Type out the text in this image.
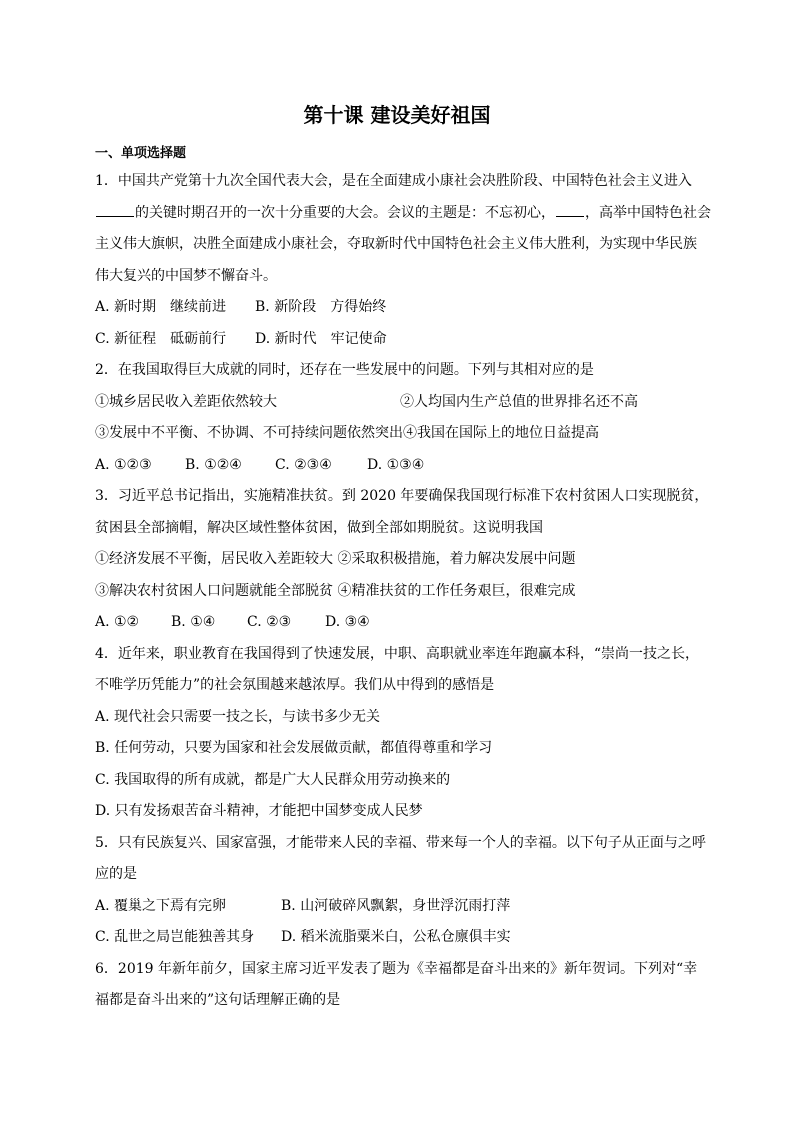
第十课 建设美好祖国
一、单项选择题
1．中国共产党第十九次全国代表大会，是在全面建成小康社会决胜阶段、中国特色社会主义进入
的关键时期召开的一次十分重要的大会。会议的主题是：不忘初心， ，高举中国特色社会
主义伟大旗帜，决胜全面建成小康社会，夺取新时代中国特色社会主义伟大胜利，为实现中华民族
伟大复兴的中国梦不懈奋斗。
A. 新时期　继续前进 B. 新阶段　方得始终
C. 新征程　砥砺前行 D. 新时代　牢记使命
2．在我国取得巨大成就的同时，还存在一些发展中的问题。下列与其相对应的是
①城乡居民收入差距依然较大	②人均国内生产总值的世界排名还不高
③发展中不平衡、不协调、不可持续问题依然突出④我国在国际上的地位日益提高
A. ①②③ B. ①②④ C. ②③④	D. ①③④
3．习近平总书记指出，实施精准扶贫。到 2020 年要确保我国现行标准下农村贫困人口实现脱贫，
贫困县全部摘帽，解决区域性整体贫困，做到全部如期脱贫。这说明我国
①经济发展不平衡，居民收入差距较大 ②采取积极措施，着力解决发展中问题
③解决农村贫困人口问题就能全部脱贫 ④精准扶贫的工作任务艰巨，很难完成
A. ①② B. ①④ C. ②③ D. ③④
4．近年来，职业教育在我国得到了快速发展，中职、高职就业率连年跑赢本科，“崇尚一技之长，
不唯学历凭能力”的社会氛围越来越浓厚。我们从中得到的感悟是
A. 现代社会只需要一技之长，与读书多少无关
B. 任何劳动，只要为国家和社会发展做贡献，都值得尊重和学习
C. 我国取得的所有成就，都是广大人民群众用劳动换来的
D. 只有发扬艰苦奋斗精神，才能把中国梦变成人民梦
5．只有民族复兴、国家富强，才能带来人民的幸福、带来每一个人的幸福。以下句子从正面与之呼
应的是
A. 覆巢之下焉有完卵	B. 山河破碎风飘絮，身世浮沉雨打萍
C. 乱世之局岂能独善其身 D. 稻米流脂粟米白，公私仓廪俱丰实
6．2019 年新年前夕，国家主席习近平发表了题为《幸福都是奋斗出来的》新年贺词。下列对“幸
福都是奋斗出来的”这句话理解正确的是
